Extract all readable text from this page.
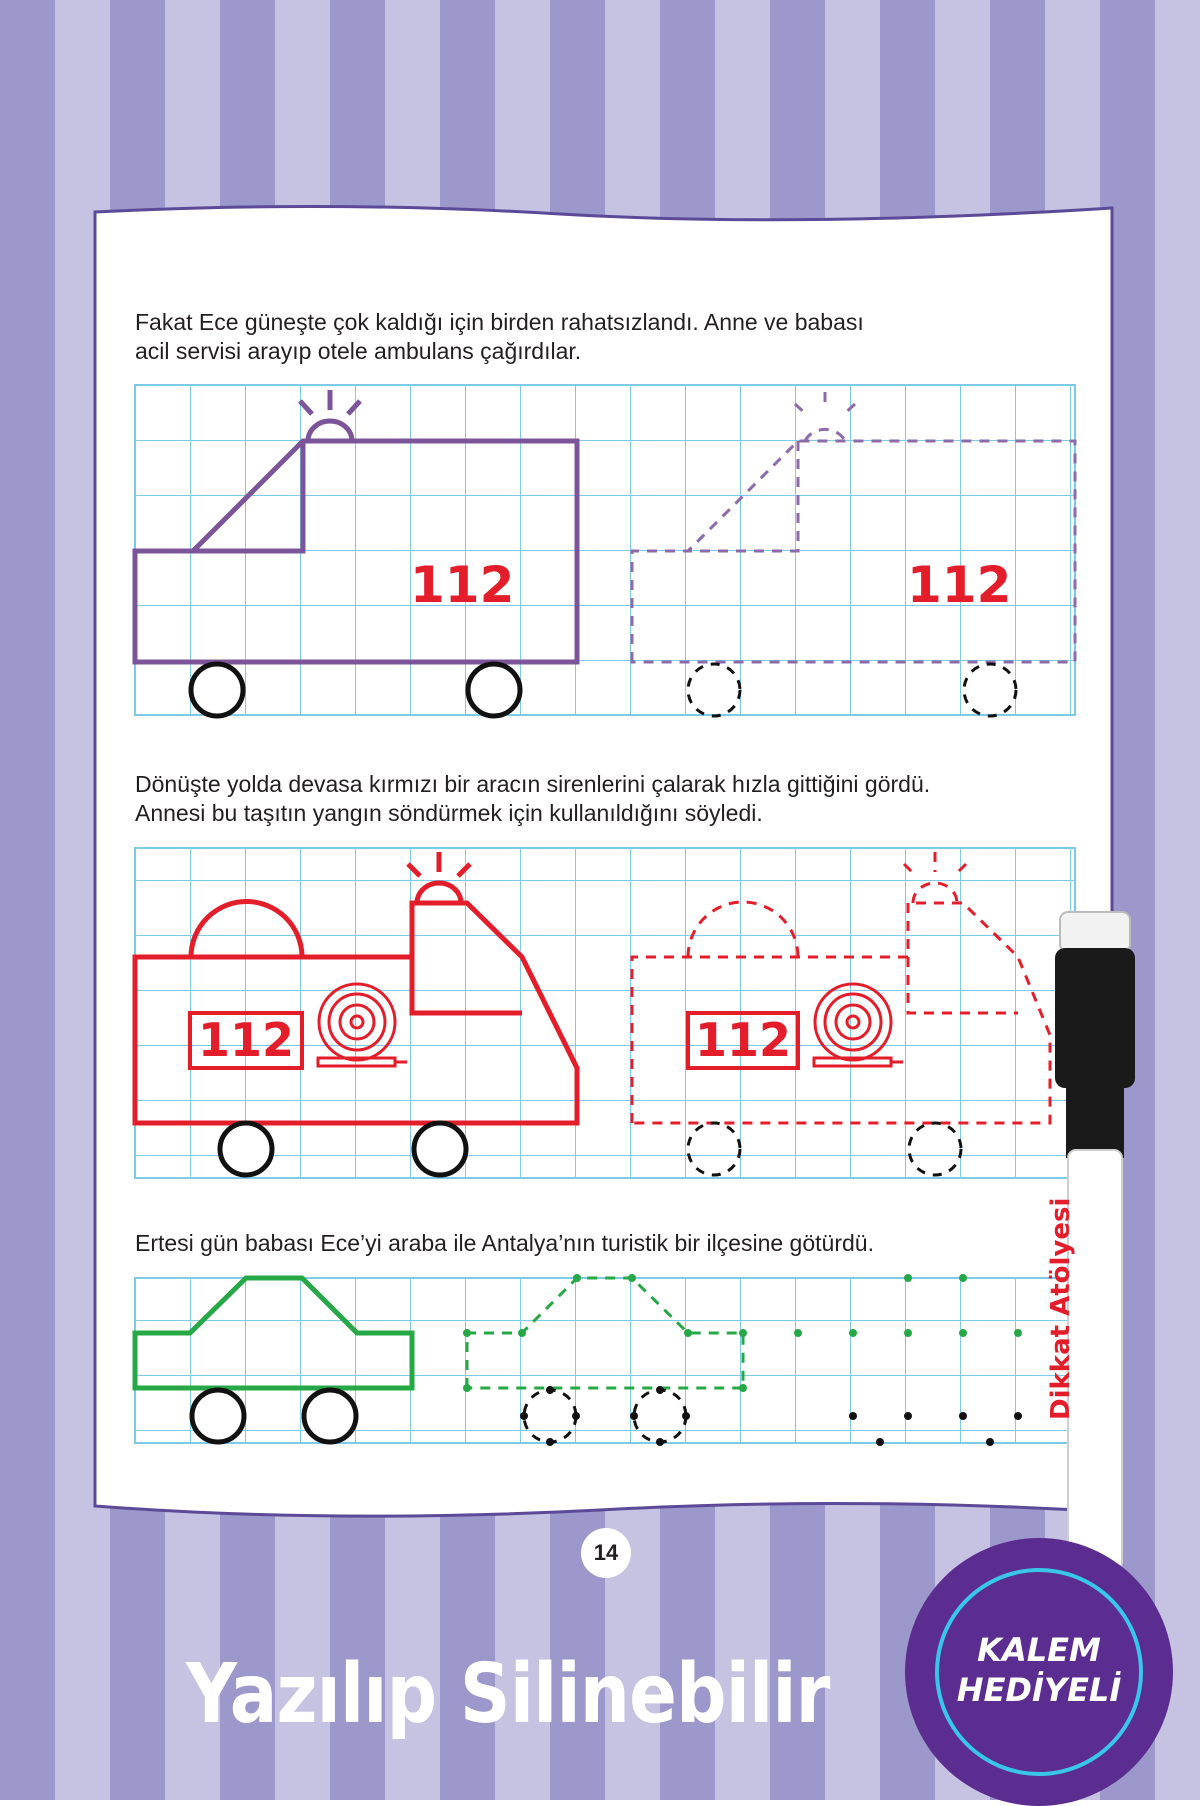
Fakat Ece güneşte çok kaldığı için birden rahatsızlandı. Anne ve babası
acil servisi arayıp otele ambulans çağırdılar.

112	112

Dönüşte yolda devasa kırmızı bir aracın sirenlerini çalarak hızla gittiğini gördü.
Annesi bu taşıtın yangın söndürmek için kullanıldığını söyledi.

112	112

Ertesi gün babası Ece’yi araba ile Antalya’nın turistik bir ilçesine götürdü.

14
Dikkat Atölyesi
Yazılıp Silinebilir	KALEM
HEDİYELİ
